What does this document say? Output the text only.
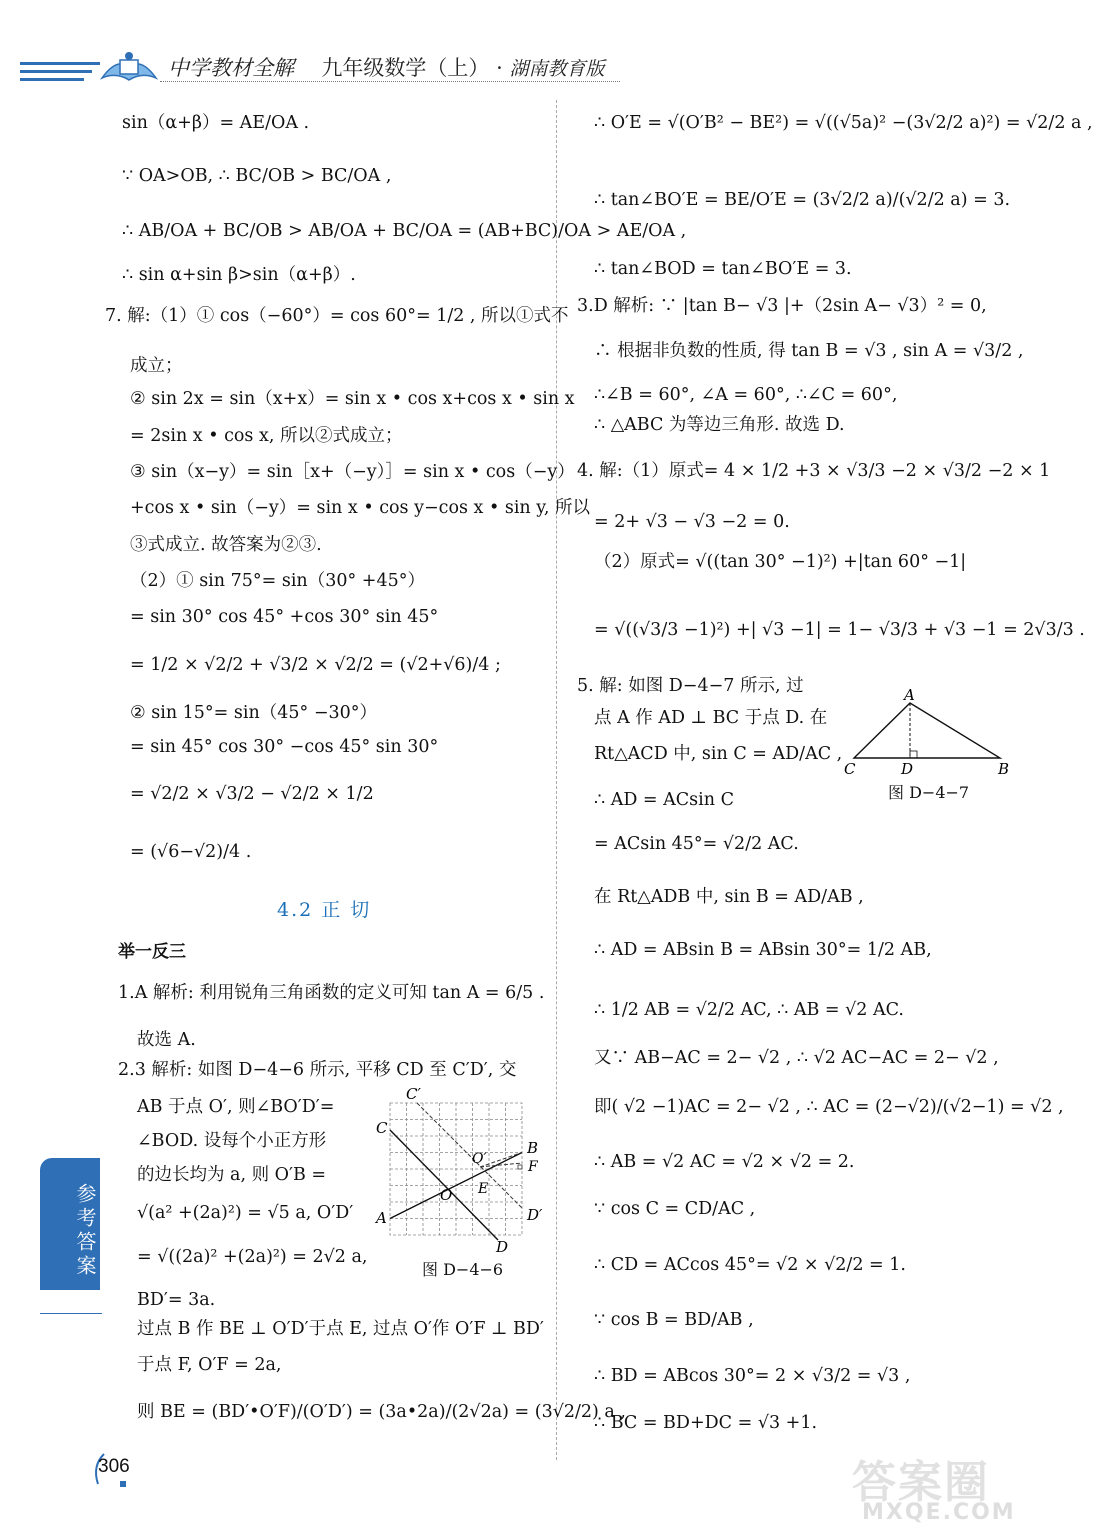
中学教材全解 九年级数学（上） · 湖南教育版
sin（α+β）= AE/OA .
∵ OA>OB, ∴ BC/OB > BC/OA ,
∴ AB/OA + BC/OB > AB/OA + BC/OA = (AB+BC)/OA > AE/OA ,
∴ sin α+sin β>sin（α+β）.
7. 解:（1）① cos（−60°）= cos 60°= 1/2 , 所以①式不
成立；
② sin 2x = sin（x+x）= sin x • cos x+cos x • sin x
= 2sin x • cos x, 所以②式成立；
③ sin（x−y）= sin［x+（−y）］= sin x • cos（−y）
+cos x • sin（−y）= sin x • cos y−cos x • sin y, 所以
③式成立. 故答案为②③.
（2）① sin 75°= sin（30° +45°）
= sin 30° cos 45° +cos 30° sin 45°
= 1/2 × √2/2 + √3/2 × √2/2 = (√2+√6)/4 ;
② sin 15°= sin（45° −30°）
= sin 45° cos 30° −cos 45° sin 30°
= √2/2 × √3/2 − √2/2 × 1/2
= (√6−√2)/4 .
4.2 正 切
举一反三
1.A 解析: 利用锐角三角函数的定义可知 tan A = 6/5 .
故选 A.
2.3 解析: 如图 D−4−6 所示, 平移 CD 至 C′D′, 交
AB 于点 O′, 则∠BO′D′=
∠BOD. 设每个小正方形
的边长均为 a, 则 O′B =
√(a² +(2a)²) = √5 a, O′D′
= √((2a)² +(2a)²) = 2√2 a,
BD′= 3a.
过点 B 作 BE ⊥ O′D′于点 E, 过点 O′作 O′F ⊥ BD′
于点 F, O′F = 2a,
则 BE = (BD′•O′F)/(O′D′) = (3a•2a)/(2√2a) = (3√2/2) a ,
C′
C
B
O′	F
O E
A	D′
D
图 D−4−6
∴ O′E = √(O′B² − BE²) = √((√5a)² −(3√2/2 a)²) = √2/2 a ,
∴ tan∠BO′E = BE/O′E = (3√2/2 a)/(√2/2 a) = 3.
∴ tan∠BOD = tan∠BO′E = 3.
3.D 解析: ∵ |tan B− √3 |+（2sin A− √3）² = 0,
∴ 根据非负数的性质, 得 tan B = √3 , sin A = √3/2 ,
∴∠B = 60°, ∠A = 60°, ∴∠C = 60°,
∴ △ABC 为等边三角形. 故选 D.
4. 解:（1）原式= 4 × 1/2 +3 × √3/3 −2 × √3/2 −2 × 1
= 2+ √3 − √3 −2 = 0.
（2）原式= √((tan 30° −1)²) +|tan 60° −1|
= √((√3/3 −1)²) +| √3 −1| = 1− √3/3 + √3 −1 = 2√3/3 .
5. 解: 如图 D−4−7 所示, 过
点 A 作 AD ⊥ BC 于点 D. 在
Rt△ACD 中, sin C = AD/AC ,
∴ AD = ACsin C
= ACsin 45°= √2/2 AC.
在 Rt△ADB 中, sin B = AD/AB ,
∴ AD = ABsin B = ABsin 30°= 1/2 AB,
∴ 1/2 AB = √2/2 AC, ∴ AB = √2 AC.
又∵ AB−AC = 2− √2 , ∴ √2 AC−AC = 2− √2 ,
即( √2 −1)AC = 2− √2 , ∴ AC = (2−√2)/(√2−1) = √2 ,
∴ AB = √2 AC = √2 × √2 = 2.
∵ cos C = CD/AC ,
∴ CD = ACcos 45°= √2 × √2/2 = 1.
∵ cos B = BD/AB ,
∴ BD = ABcos 30°= 2 × √3/2 = √3 ,
∴ BC = BD+DC = √3 +1.
A
C	D	B
图 D−4−7
参考答案
306	答案圈
MXQE.COM
